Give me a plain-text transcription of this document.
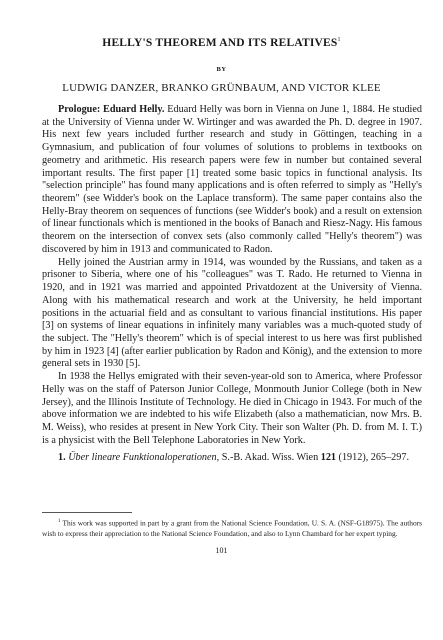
HELLY'S THEOREM AND ITS RELATIVES$^1$
BY
LUDWIG DANZER, BRANKO GRÜNBAUM, AND VICTOR KLEE

Prologue: Eduard Helly. Eduard Helly was born in Vienna on June 1, 1884. He studied at the University of Vienna under W. Wirtinger and was awarded the Ph. D. degree in 1907. His next few years included further research and study in Göttingen, teaching in a Gymnasium, and publication of four volumes of solutions to problems in textbooks on geometry and arithmetic. His research papers were few in number but contained several important results. The first paper [1] treated some basic topics in functional analysis. Its "selection principle" has found many applications and is often referred to simply as "Helly's theorem" (see Widder's book on the Laplace transform). The same paper contains also the Helly-Bray theorem on sequences of functions (see Widder's book) and a result on extension of linear functionals which is mentioned in the books of Banach and Riesz-Nagy. His famous theorem on the intersection of convex sets (also commonly called "Helly's theorem") was discovered by him in 1913 and communicated to Radon.

Helly joined the Austrian army in 1914, was wounded by the Russians, and taken as a prisoner to Siberia, where one of his "colleagues" was T. Rado. He returned to Vienna in 1920, and in 1921 was married and appointed Privatdozent at the University of Vienna. Along with his mathematical research and work at the University, he held important positions in the actuarial field and as consultant to various financial institutions. His paper [3] on systems of linear equations in infinitely many variables was a much-quoted study of the subject. The "Helly's theorem" which is of special interest to us here was first published by him in 1923 [4] (after earlier publication by Radon and König), and the extension to more general sets in 1930 [5].

In 1938 the Hellys emigrated with their seven-year-old son to America, where Professor Helly was on the staff of Paterson Junior College, Monmouth Junior College (both in New Jersey), and the Illinois Institute of Technology. He died in Chicago in 1943. For much of the above information we are indebted to his wife Elizabeth (also a mathematician, now Mrs. B. M. Weiss), who resides at present in New York City. Their son Walter (Ph. D. from M. I. T.) is a physicist with the Bell Telephone Laboratories in New York.

1. Über lineare Funktionaloperationen, S.-B. Akad. Wiss. Wien 121 (1912), 265–297.

$^1$ This work was supported in part by a grant from the National Science Foundation, U. S. A. (NSF-G18975). The authors wish to express their appreciation to the National Science Foundation, and also to Lynn Chambard for her expert typing.
101
